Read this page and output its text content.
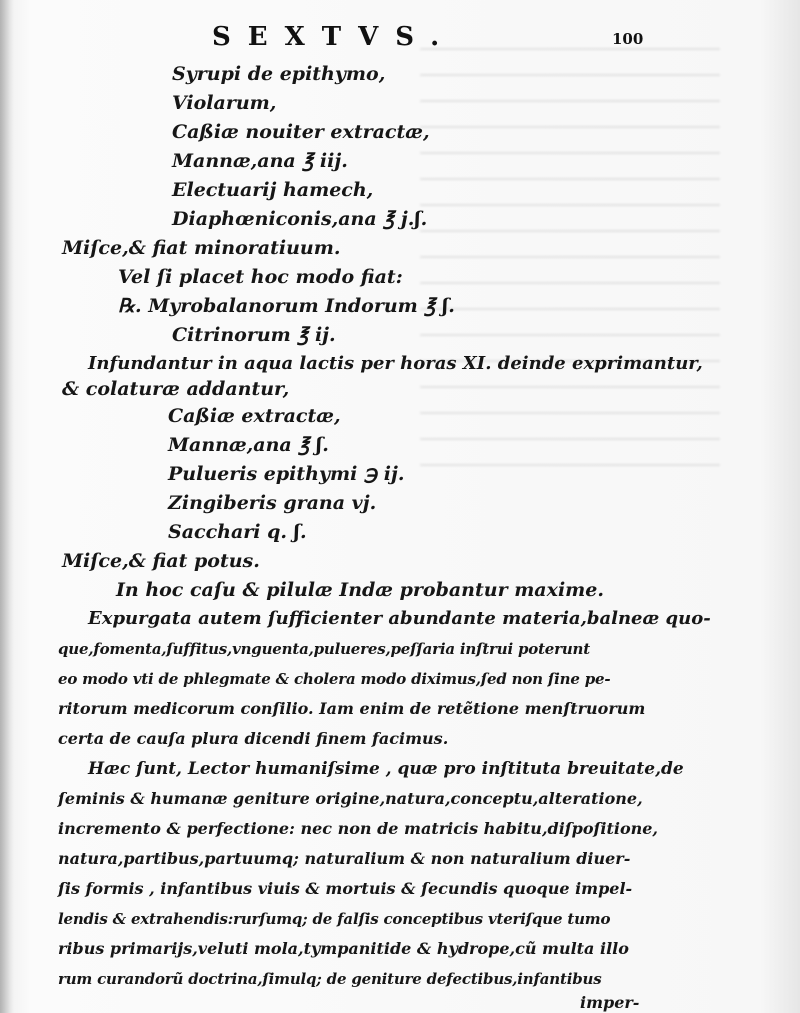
SEXTVS.	100
Syrupi de epithymo,
Violarum,
Caßiæ nouiter extractæ,
Mannæ,ana ℥ iij.
Electuarij hamech,
Diaphœniconis,ana ℥ j.ʃ.
Miſce,& fiat minoratiuum.
Vel ſi placet hoc modo fiat:
℞. Myrobalanorum Indorum ℥ ʃ.
Citrinorum ℥ ij.
Infundantur in aqua lactis per horas XI. deinde exprimantur,
& colaturæ addantur,
Caßiæ extractæ,
Mannæ,ana ℥ ʃ.
Pulueris epithymi ℈ ij.
Zingiberis grana vj.
Sacchari q. ʃ.
Miſce,& fiat potus.
In hoc caſu & pilulæ Indæ probantur maxime.
Expurgata autem ſufficienter abundante materia,balneæ quo-
que,fomenta,ſuffitus,vnguenta,pulueres,peſſaria inſtrui poterunt
eo modo vti de phlegmate & cholera modo diximus,ſed non ſine pe-
ritorum medicorum conſilio. Iam enim de retẽtione menſtruorum
certa de cauſa plura dicendi finem facimus.
Hæc ſunt, Lector humaniſsime , quæ pro inſtituta breuitate,de
ſeminis & humanæ geniture origine,natura,conceptu,alteratione,
incremento & perfectione: nec non de matricis habitu,diſpoſitione,
natura,partibus,partuumq; naturalium & non naturalium diuer-
ſis formis , infantibus viuis & mortuis & ſecundis quoque impel-
lendis & extrahendis:rurſumq; de falſis conceptibus vteriſque tumo
ribus primarijs,veluti mola,tympanitide & hydrope,cũ multa illo
rum curandorũ doctrina,ſimulq; de geniture defectibus,infantibus
imper-
